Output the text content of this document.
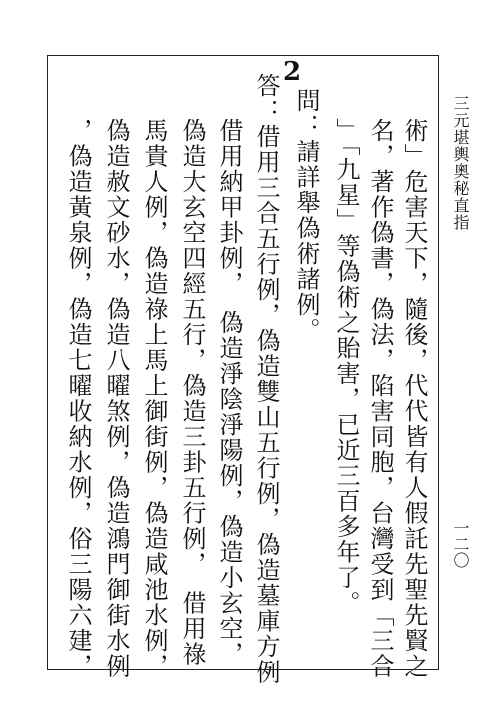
三元堪輿奧秘直指
一二〇
2
術」危害天下，隨後，代代皆有人假託先聖先賢之
名，著作偽書，偽法，陷害同胞，台灣受到「三合
」「九星」等偽術之貽害，已近三百多年了。
問：請詳舉偽術諸例。
答：借用三合五行例，偽造雙山五行例，偽造墓庫方例
借用納甲卦例，　偽造淨陰淨陽例，偽造小玄空，
偽造大玄空四經五行，偽造三卦五行例，　借用祿
馬貴人例，偽造祿上馬上御街例，偽造咸池水例，
偽造赦文砂水，偽造八曜煞例，偽造鴻門御街水例
，偽造黃泉例，偽造七曜收納水例，俗三陽六建，
